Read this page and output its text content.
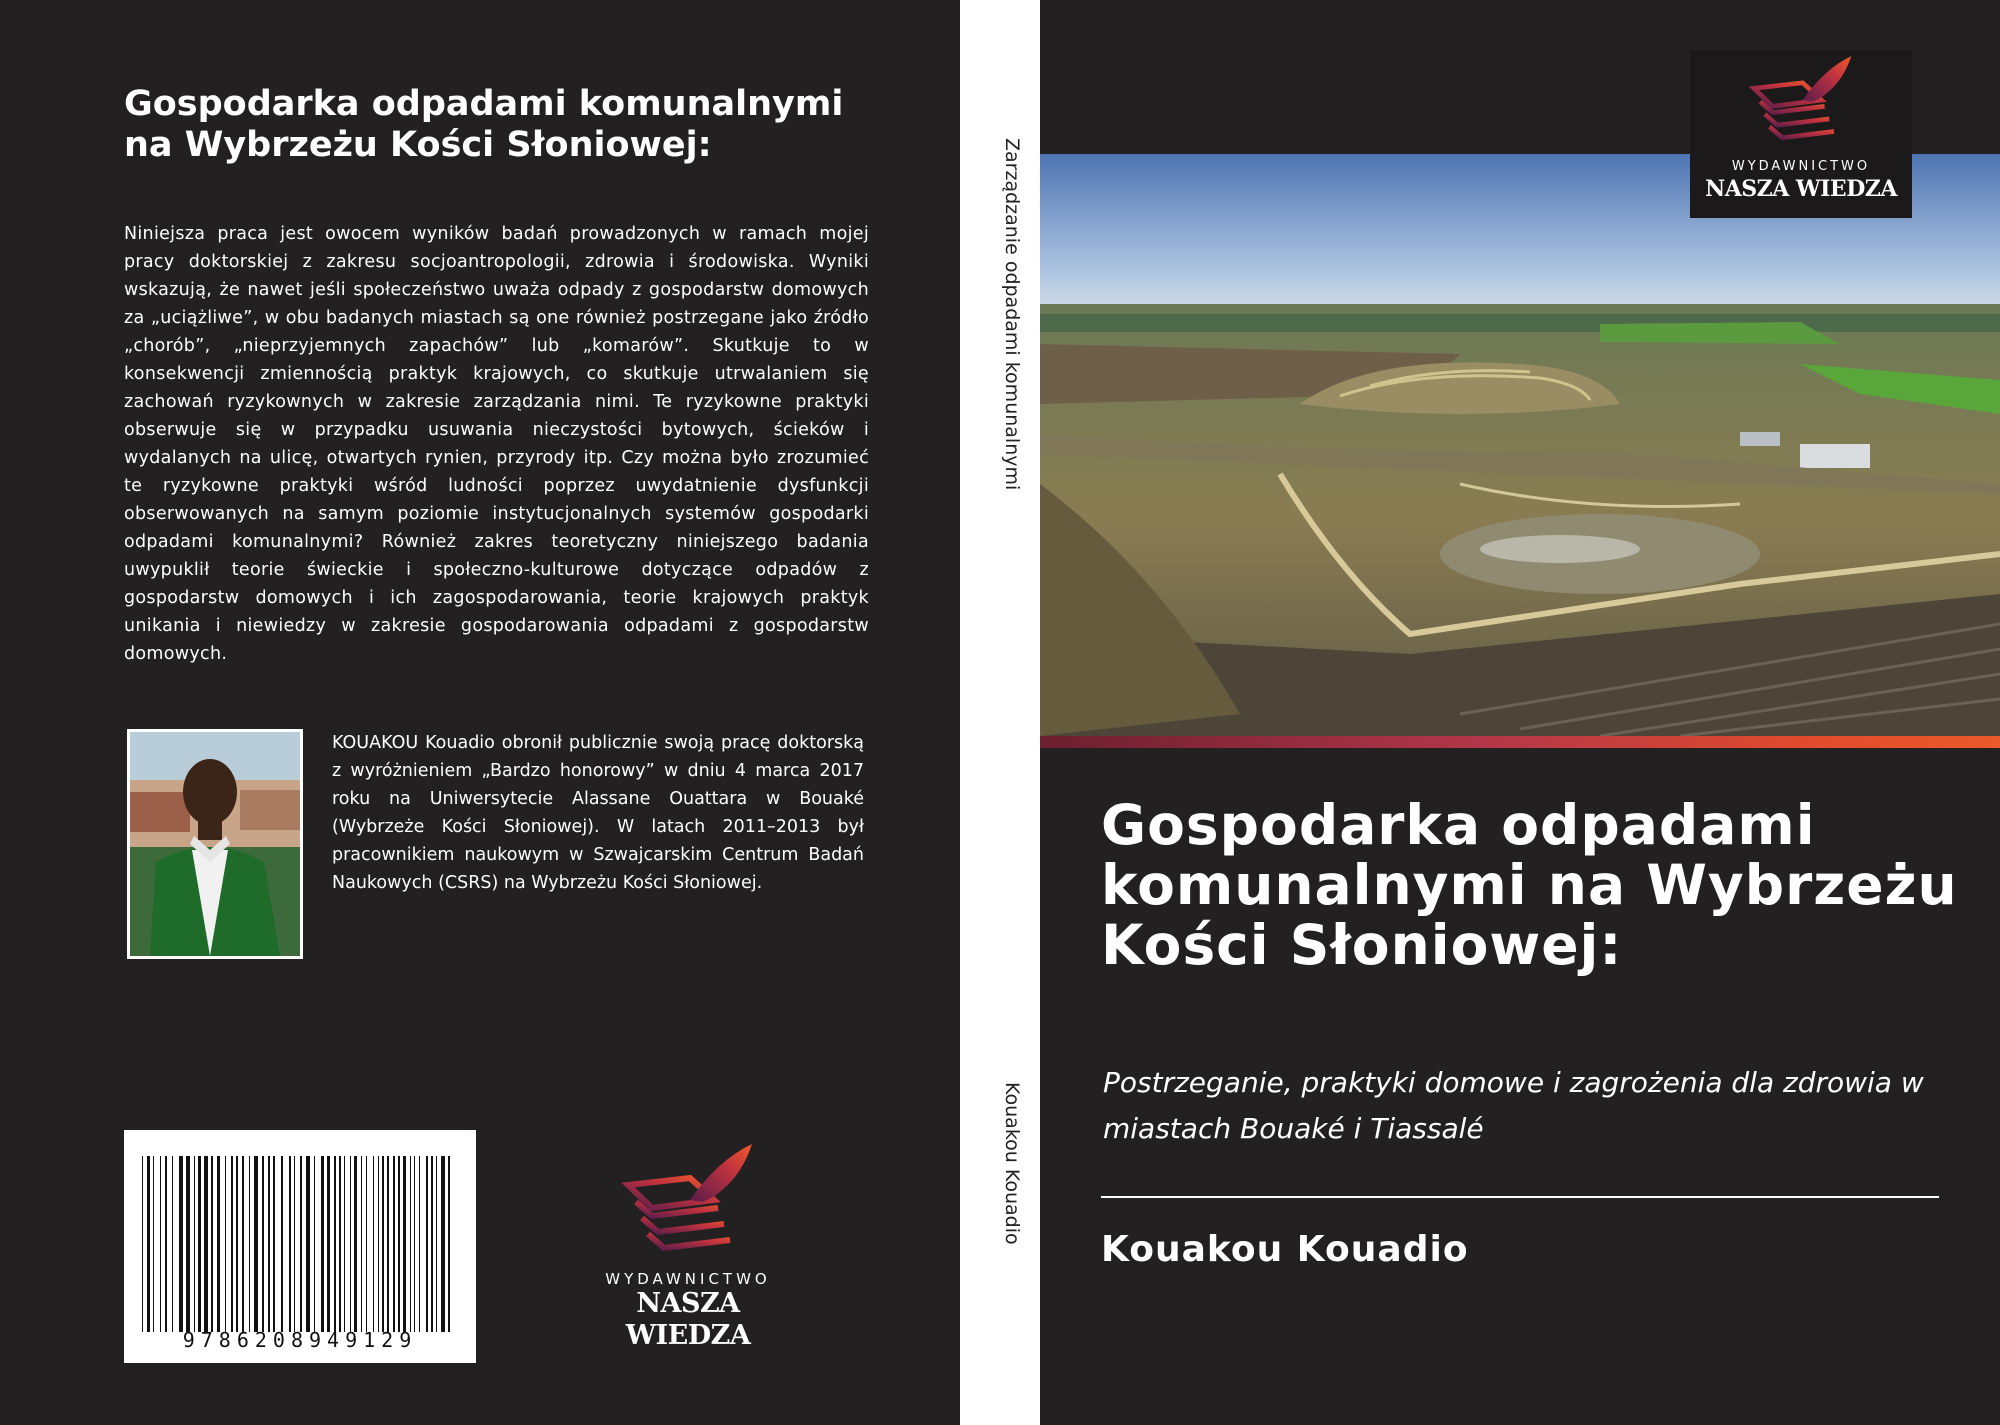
Gospodarka odpadami komunalnymi na Wybrzeżu Kości Słoniowej:

Niniejsza praca jest owocem wyników badań prowadzonych w ramach mojej pracy doktorskiej z zakresu socjoantropologii, zdrowia i środowiska. Wyniki wskazują, że nawet jeśli społeczeństwo uważa odpady z gospodarstw domowych za „uciążliwe”, w obu badanych miastach są one również postrzegane jako źródło „chorób”, „nieprzyjemnych zapachów” lub „komarów”. Skutkuje to w konsekwencji zmiennością praktyk krajowych, co skutkuje utrwalaniem się zachowań ryzykownych w zakresie zarządzania nimi. Te ryzykowne praktyki obserwuje się w przypadku usuwania nieczystości bytowych, ścieków i wydalanych na ulicę, otwartych rynien, przyrody itp. Czy można było zrozumieć te ryzykowne praktyki wśród ludności poprzez uwydatnienie dysfunkcji obserwowanych na samym poziomie instytucjonalnych systemów gospodarki odpadami komunalnymi? Również zakres teoretyczny niniejszego badania uwypuklił teorie świeckie i społeczno-kulturowe dotyczące odpadów z gospodarstw domowych i ich zagospodarowania, teorie krajowych praktyk unikania i niewiedzy w zakresie gospodarowania odpadami z gospodarstw domowych.

KOUAKOU Kouadio obronił publicznie swoją pracę doktorską z wyróżnieniem „Bardzo honorowy” w dniu 4 marca 2017 roku na Uniwersytecie Alassane Ouattara w Bouaké (Wybrzeże Kości Słoniowej). W latach 2011–2013 był pracownikiem naukowym w Szwajcarskim Centrum Badań Naukowych (CSRS) na Wybrzeżu Kości Słoniowej.

9786208949129

WYDAWNICTWO
NASZA WIEDZA

Zarządzanie odpadami komunalnymi

Kouakou Kouadio

WYDAWNICTWO
NASZA WIEDZA
Gospodarka odpadami komunalnymi na Wybrzeżu Kości Słoniowej:

Postrzeganie, praktyki domowe i zagrożenia dla zdrowia w miastach Bouaké i Tiassalé

Kouakou Kouadio
